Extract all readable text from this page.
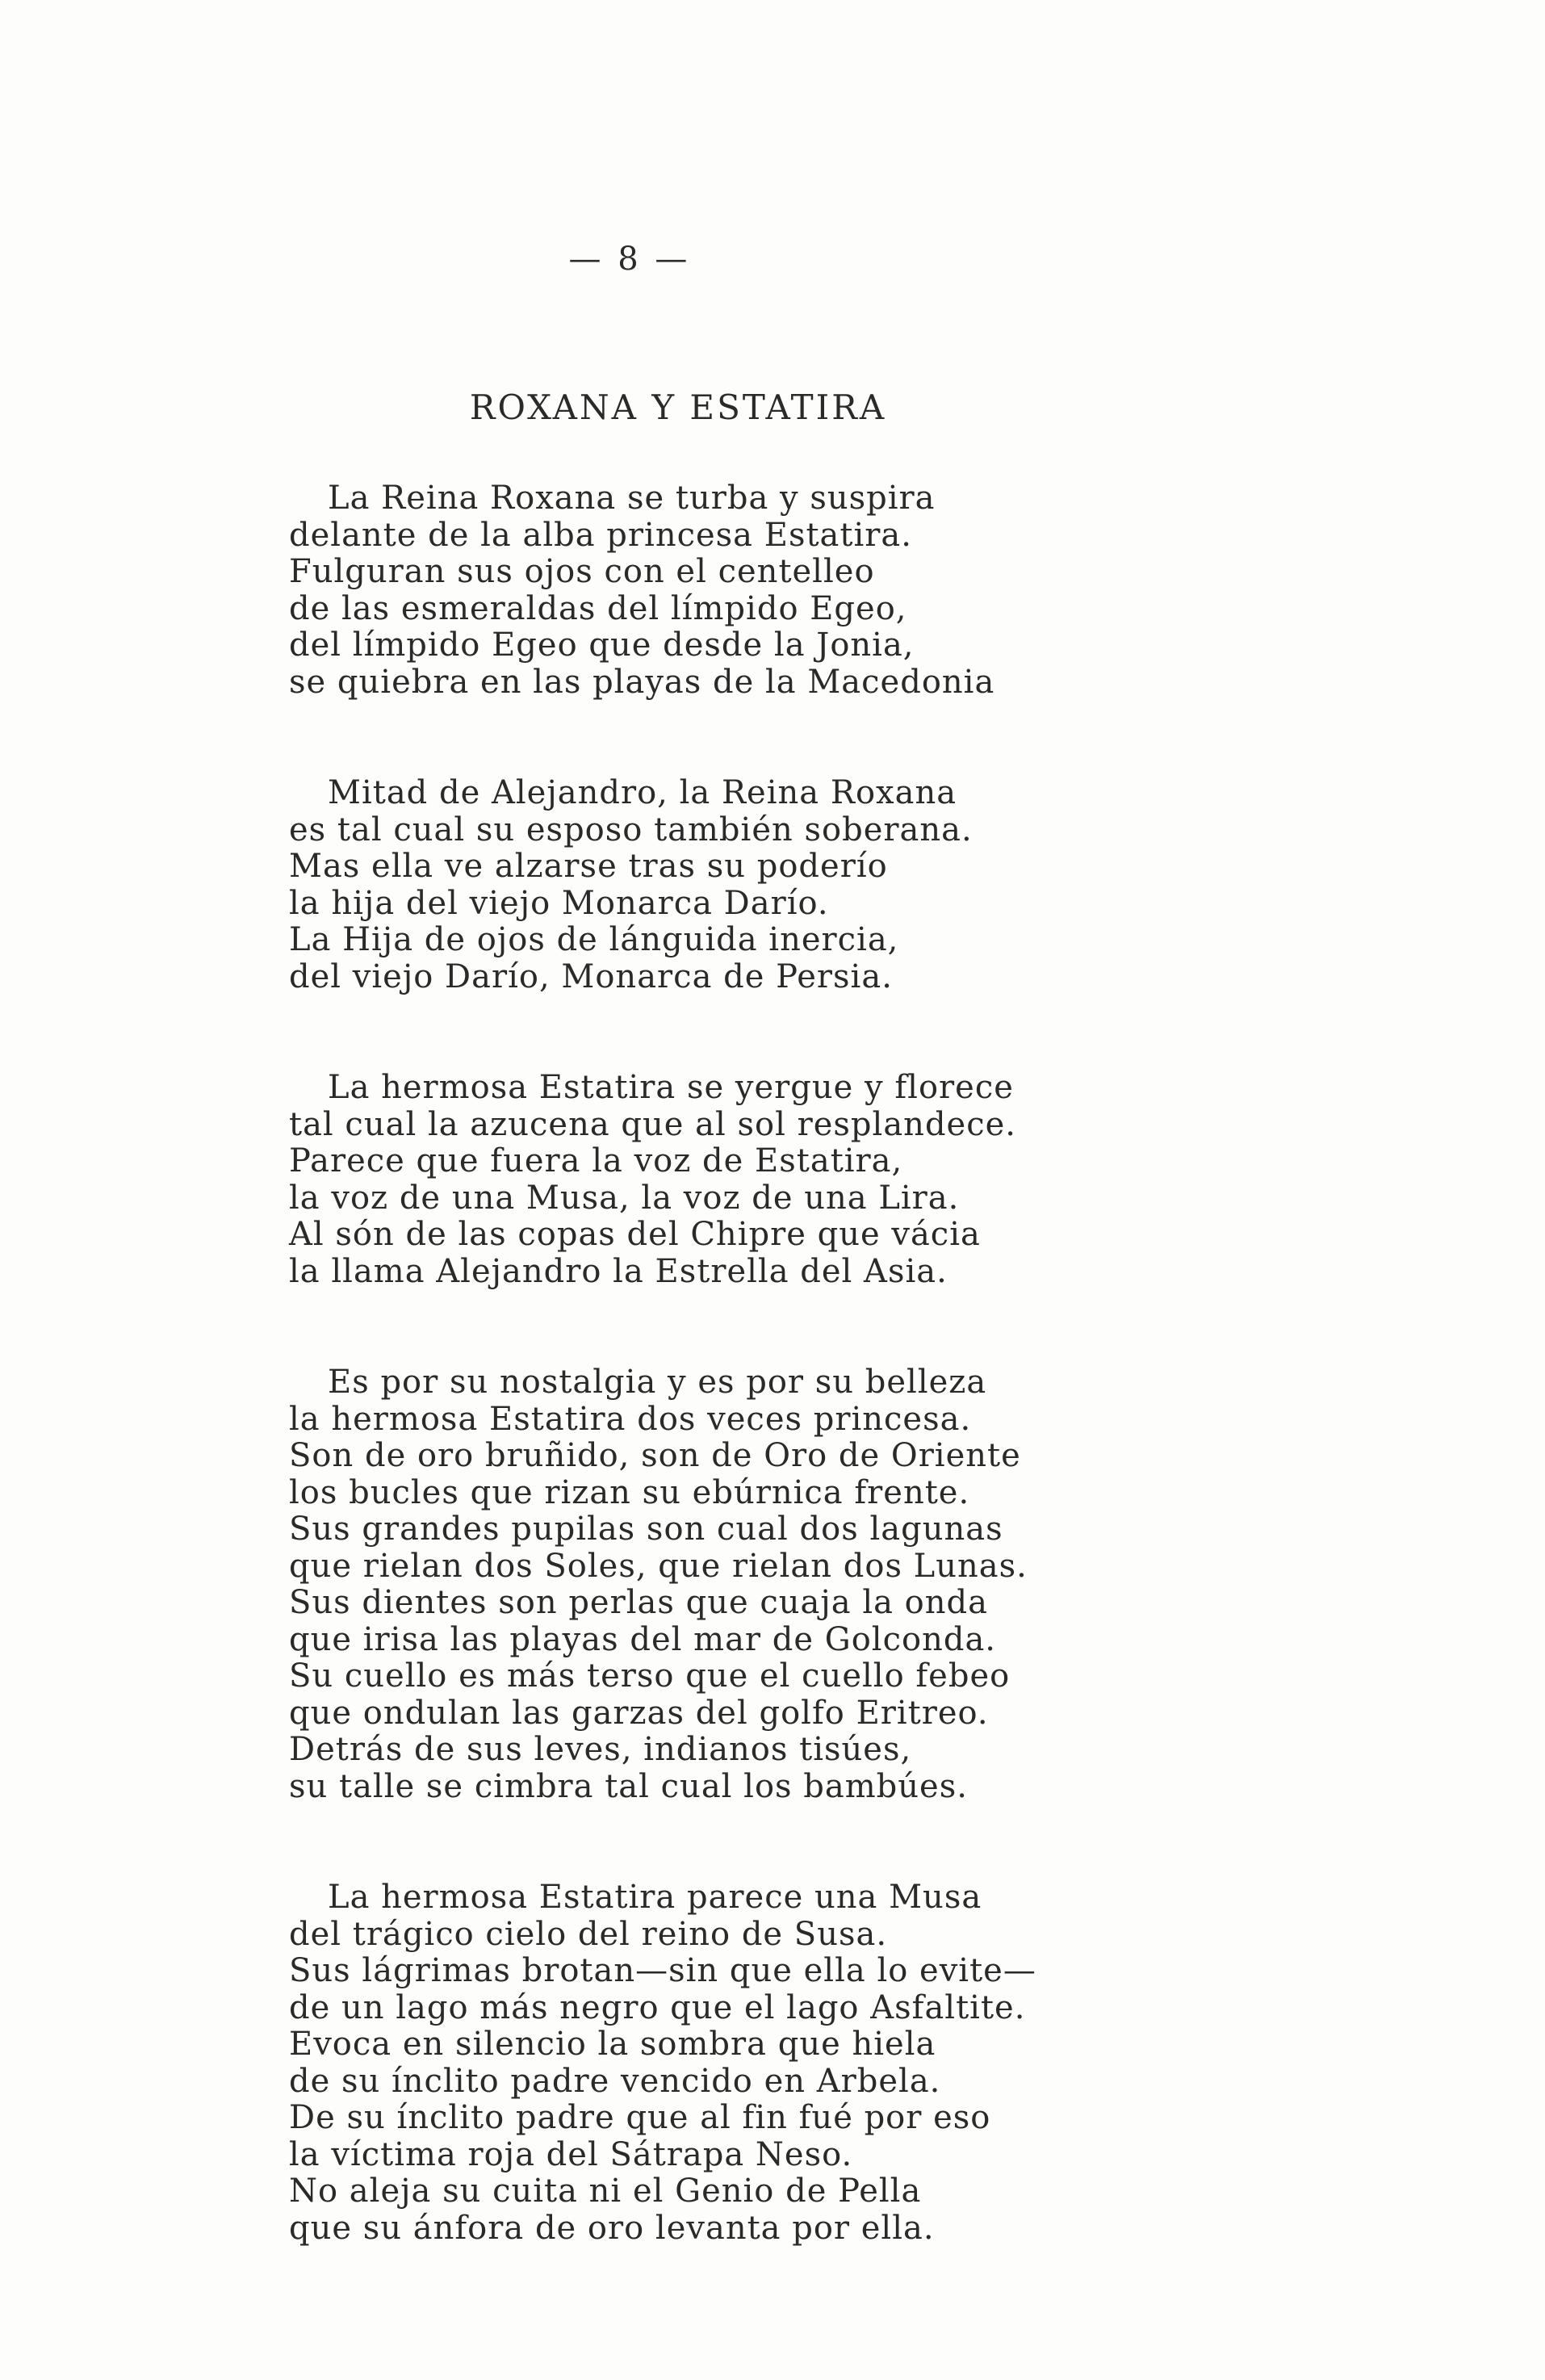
— 8 —
ROXANA Y ESTATIRA
La Reina Roxana se turba y suspira
delante de la alba princesa Estatira.
Fulguran sus ojos con el centelleo
de las esmeraldas del límpido Egeo,
del límpido Egeo que desde la Jonia,
se quiebra en las playas de la Macedonia
Mitad de Alejandro, la Reina Roxana
es tal cual su esposo también soberana.
Mas ella ve alzarse tras su poderío
la hija del viejo Monarca Darío.
La Hija de ojos de lánguida inercia,
del viejo Darío, Monarca de Persia.
La hermosa Estatira se yergue y florece
tal cual la azucena que al sol resplandece.
Parece que fuera la voz de Estatira,
la voz de una Musa, la voz de una Lira.
Al són de las copas del Chipre que vácia
la llama Alejandro la Estrella del Asia.
Es por su nostalgia y es por su belleza
la hermosa Estatira dos veces princesa.
Son de oro bruñido, son de Oro de Oriente
los bucles que rizan su ebúrnica frente.
Sus grandes pupilas son cual dos lagunas
que rielan dos Soles, que rielan dos Lunas.
Sus dientes son perlas que cuaja la onda
que irisa las playas del mar de Golconda.
Su cuello es más terso que el cuello febeo
que ondulan las garzas del golfo Eritreo.
Detrás de sus leves, indianos tisúes,
su talle se cimbra tal cual los bambúes.
La hermosa Estatira parece una Musa
del trágico cielo del reino de Susa.
Sus lágrimas brotan—sin que ella lo evite—
de un lago más negro que el lago Asfaltite.
Evoca en silencio la sombra que hiela
de su ínclito padre vencido en Arbela.
De su ínclito padre que al fin fué por eso
la víctima roja del Sátrapa Neso.
No aleja su cuita ni el Genio de Pella
que su ánfora de oro levanta por ella.
